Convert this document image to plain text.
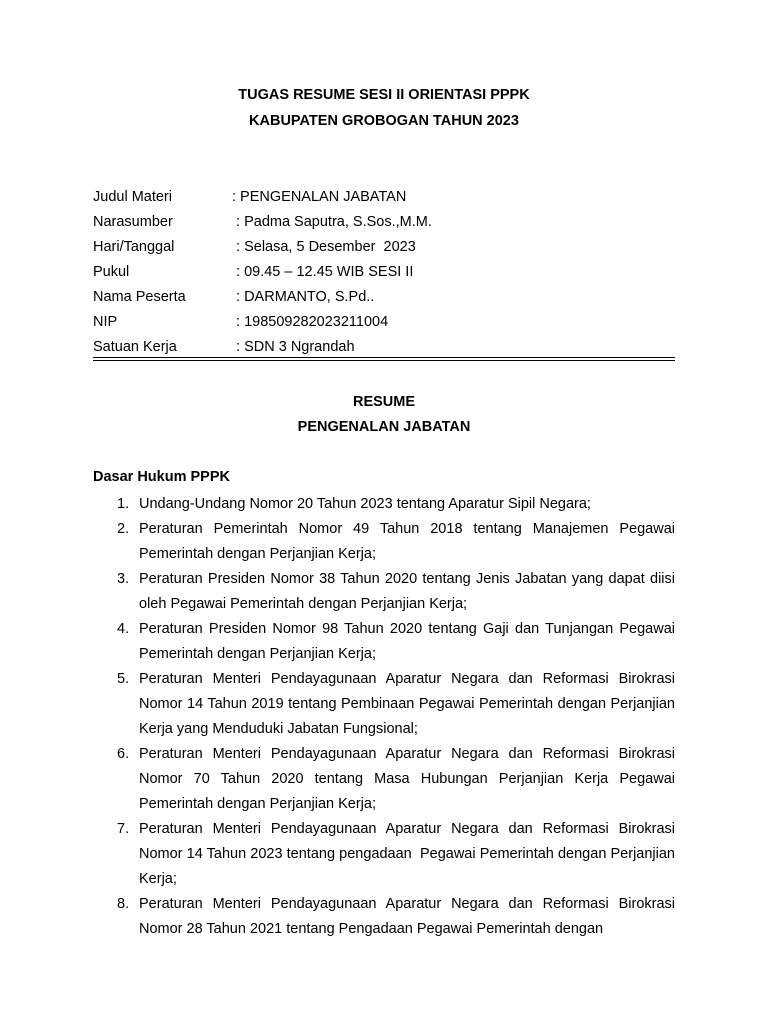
TUGAS RESUME SESI II ORIENTASI PPPK
KABUPATEN GROBOGAN TAHUN 2023
Judul Materi	: PENGENALAN JABATAN
Narasumber	: Padma Saputra, S.Sos.,M.M.
Hari/Tanggal	: Selasa, 5 Desember  2023
Pukul	: 09.45 – 12.45 WIB SESI II
Nama Peserta	: DARMANTO, S.Pd..
NIP	: 198509282023211004
Satuan Kerja	: SDN 3 Ngrandah
RESUME
PENGENALAN JABATAN
Dasar Hukum PPPK
1. Undang-Undang Nomor 20 Tahun 2023 tentang Aparatur Sipil Negara;
2. Peraturan Pemerintah Nomor 49 Tahun 2018 tentang Manajemen Pegawai Pemerintah dengan Perjanjian Kerja;
3. Peraturan Presiden Nomor 38 Tahun 2020 tentang Jenis Jabatan yang dapat diisi oleh Pegawai Pemerintah dengan Perjanjian Kerja;
4. Peraturan Presiden Nomor 98 Tahun 2020 tentang Gaji dan Tunjangan Pegawai Pemerintah dengan Perjanjian Kerja;
5. Peraturan Menteri Pendayagunaan Aparatur Negara dan Reformasi Birokrasi Nomor 14 Tahun 2019 tentang Pembinaan Pegawai Pemerintah dengan Perjanjian Kerja yang Menduduki Jabatan Fungsional;
6. Peraturan Menteri Pendayagunaan Aparatur Negara dan Reformasi Birokrasi Nomor 70 Tahun 2020 tentang Masa Hubungan Perjanjian Kerja Pegawai Pemerintah dengan Perjanjian Kerja;
7. Peraturan Menteri Pendayagunaan Aparatur Negara dan Reformasi Birokrasi Nomor 14 Tahun 2023 tentang pengadaan  Pegawai Pemerintah dengan Perjanjian Kerja;
8. Peraturan Menteri Pendayagunaan Aparatur Negara dan Reformasi Birokrasi Nomor 28 Tahun 2021 tentang Pengadaan Pegawai Pemerintah dengan
